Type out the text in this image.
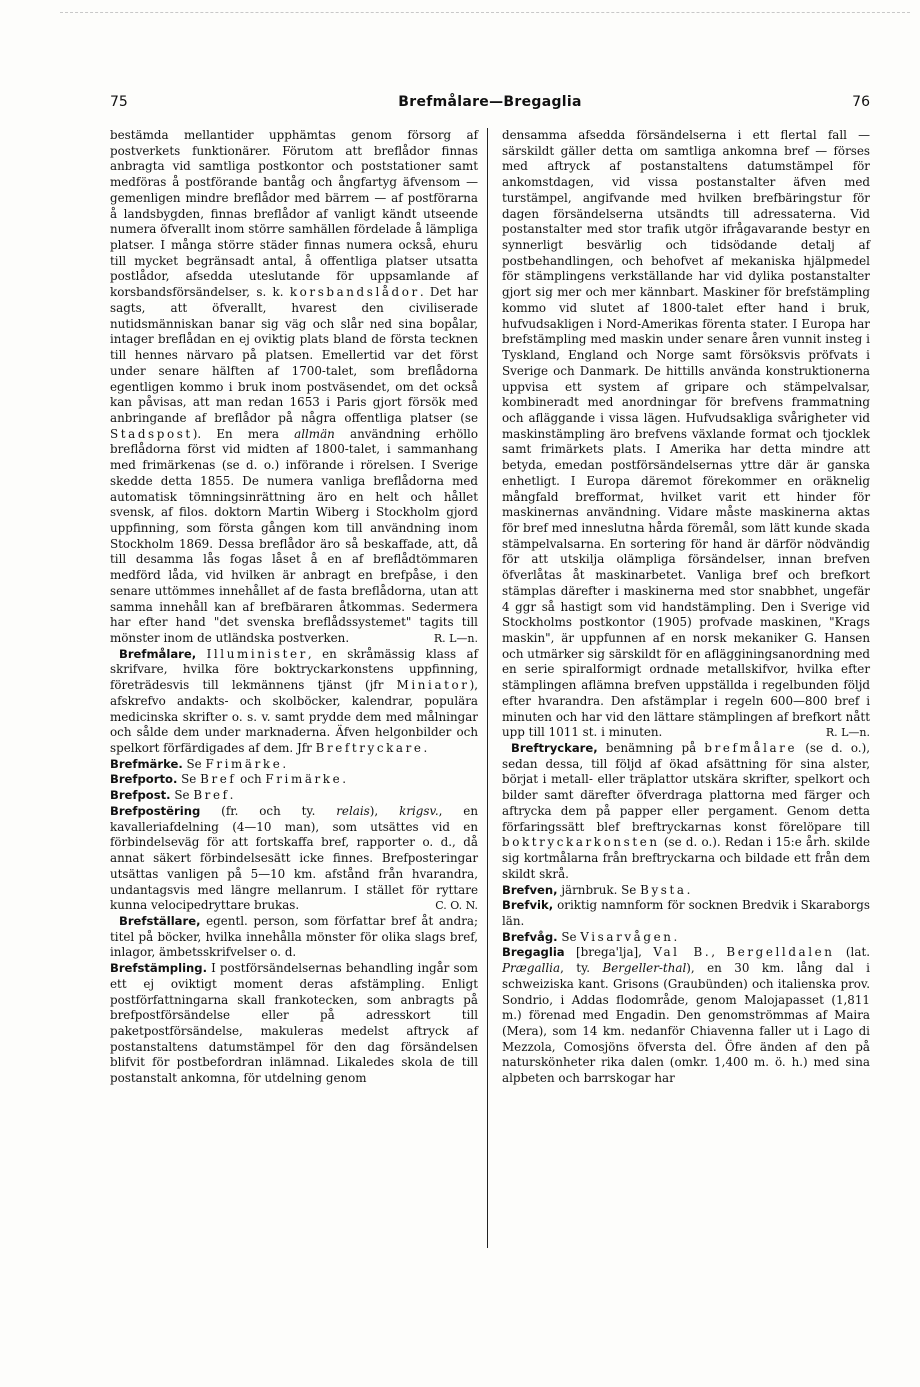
75	Brefmålare—Bregaglia	76

bestämda mellantider upphämtas genom försorg af postverkets funktionärer. Förutom att breflådor finnas anbragta vid samtliga postkontor och poststationer samt medföras å postförande bantåg och ångfartyg äfvensom — gemenligen mindre breflådor med bärrem — af postförarna å landsbygden, finnas breflådor af vanligt kändt utseende numera öfverallt inom större samhällen fördelade å lämpliga platser. I många större städer finnas numera också, ehuru till mycket begränsadt antal, å offentliga platser utsatta postlådor, afsedda uteslutande för uppsamlande af korsbandsförsändelser, s. k. korsbandslådor. Det har sagts, att öfverallt, hvarest den civiliserade nutidsmänniskan banar sig väg och slår ned sina bopålar, intager breflådan en ej oviktig plats bland de första tecknen till hennes närvaro på platsen. Emellertid var det först under senare hälften af 1700-talet, som breflådorna egentligen kommo i bruk inom postväsendet, om det också kan påvisas, att man redan 1653 i Paris gjort försök med anbringande af breflådor på några offentliga platser (se Stadspost). En mera allmän användning erhöllo breflådorna först vid midten af 1800-talet, i sammanhang med frimärkenas (se d. o.) införande i rörelsen. I Sverige skedde detta 1855. De numera vanliga breflådorna med automatisk tömningsinrättning äro en helt och hållet svensk, af filos. doktorn Martin Wiberg i Stockholm gjord uppfinning, som första gången kom till användning inom Stockholm 1869. Dessa breflådor äro så beskaffade, att, då till desamma lås fogas låset å en af breflådtömmaren medförd låda, vid hvilken är anbragt en brefpåse, i den senare uttömmes innehållet af de fasta breflådorna, utan att samma innehåll kan af brefbäraren åtkommas. Sedermera har efter hand "det svenska breflådssystemet" tagits till mönster inom de utländska postverken.	R. L—n.

Brefmålare, Illuminister, en skråmässig klass af skrifvare, hvilka före boktryckarkonstens uppfinning, företrädesvis till lekmännens tjänst (jfr Miniator), afskrefvo andakts- och skolböcker, kalendrar, populära medicinska skrifter o. s. v. samt prydde dem med målningar och sålde dem under marknaderna. Äfven helgonbilder och spelkort förfärdigades af dem. Jfr Breftryckare.

Brefmärke. Se Frimärke.

Brefporto. Se Bref och Frimärke.

Brefpost. Se Bref.

Brefpostëring (fr. och ty. relais), krigsv., en kavalleriafdelning (4—10 man), som utsättes vid en förbindelseväg för att fortskaffa bref, rapporter o. d., då annat säkert förbindelsesätt icke finnes. Brefposteringar utsättas vanligen på 5—10 km. afstånd från hvarandra, undantagsvis med längre mellanrum. I stället för ryttare kunna velocipedryttare brukas.	C. O. N.

Brefställare, egentl. person, som författar bref åt andra; titel på böcker, hvilka innehålla mönster för olika slags bref, inlagor, ämbetsskrifvelser o. d.

Brefstämpling. I postförsändelsernas behandling ingår som ett ej oviktigt moment deras afstämpling. Enligt postförfattningarna skall frankotecken, som anbragts på brefpostförsändelse eller på adresskort till paketpostförsändelse, makuleras medelst aftryck af postanstaltens datumstämpel för den dag försändelsen blifvit för postbefordran inlämnad. Likaledes skola de till postanstalt ankomna, för utdelning genom

densamma afsedda försändelserna i ett flertal fall — särskildt gäller detta om samtliga ankomna bref — förses med aftryck af postanstaltens datumstämpel för ankomstdagen, vid vissa postanstalter äfven med turstämpel, angifvande med hvilken brefbäringstur för dagen försändelserna utsändts till adressaterna. Vid postanstalter med stor trafik utgör ifrågavarande bestyr en synnerligt besvärlig och tidsödande detalj af postbehandlingen, och behofvet af mekaniska hjälpmedel för stämplingens verkställande har vid dylika postanstalter gjort sig mer och mer kännbart. Maskiner för brefstämpling kommo vid slutet af 1800-talet efter hand i bruk, hufvudsakligen i Nord-Amerikas förenta stater. I Europa har brefstämpling med maskin under senare åren vunnit insteg i Tyskland, England och Norge samt försöksvis pröfvats i Sverige och Danmark. De hittills använda konstruktionerna uppvisa ett system af gripare och stämpelvalsar, kombineradt med anordningar för brefvens frammatning och afläggande i vissa lägen. Hufvudsakliga svårigheter vid maskinstämpling äro brefvens växlande format och tjocklek samt frimärkets plats. I Amerika har detta mindre att betyda, emedan postförsändelsernas yttre där är ganska enhetligt. I Europa däremot förekommer en oräknelig mångfald brefformat, hvilket varit ett hinder för maskinernas användning. Vidare måste maskinerna aktas för bref med inneslutna hårda föremål, som lätt kunde skada stämpelvalsarna. En sortering för hand är därför nödvändig för att utskilja olämpliga försändelser, innan brefven öfverlåtas åt maskinarbetet. Vanliga bref och brefkort stämplas därefter i maskinerna med stor snabbhet, ungefär 4 ggr så hastigt som vid handstämpling. Den i Sverige vid Stockholms postkontor (1905) profvade maskinen, "Krags maskin", är uppfunnen af en norsk mekaniker G. Hansen och utmärker sig särskildt för en aflägginingsanordning med en serie spiralformigt ordnade metallskifvor, hvilka efter stämplingen aflämna brefven uppställda i regelbunden följd efter hvarandra. Den afstämplar i regeln 600—800 bref i minuten och har vid den lättare stämplingen af brefkort nått upp till 1011 st. i minuten.	R. L—n.

Breftryckare, benämning på brefmålare (se d. o.), sedan dessa, till följd af ökad afsättning för sina alster, börjat i metall- eller träplattor utskära skrifter, spelkort och bilder samt därefter öfverdraga plattorna med färger och aftrycka dem på papper eller pergament. Genom detta förfaringssätt blef breftryckarnas konst förelöpare till boktryckarkonsten (se d. o.). Redan i 15:e årh. skilde sig kortmålarna från breftryckarna och bildade ett från dem skildt skrå.

Brefven, järnbruk. Se Bysta.

Brefvik, oriktig namnform för socknen Bredvik i Skaraborgs län.

Brefvåg. Se Visarvågen.

Bregaglia [brega'lja], Val B., Bergelldalen (lat. Prægallia, ty. Bergeller-thal), en 30 km. lång dal i schweiziska kant. Grisons (Graubünden) och italienska prov. Sondrio, i Addas flodområde, genom Malojapasset (1,811 m.) förenad med Engadin. Den genomströmmas af Maira (Mera), som 14 km. nedanför Chiavenna faller ut i Lago di Mezzola, Comosjöns öfversta del. Öfre änden af den på naturskönheter rika dalen (omkr. 1,400 m. ö. h.) med sina alpbeten och barrskogar har
